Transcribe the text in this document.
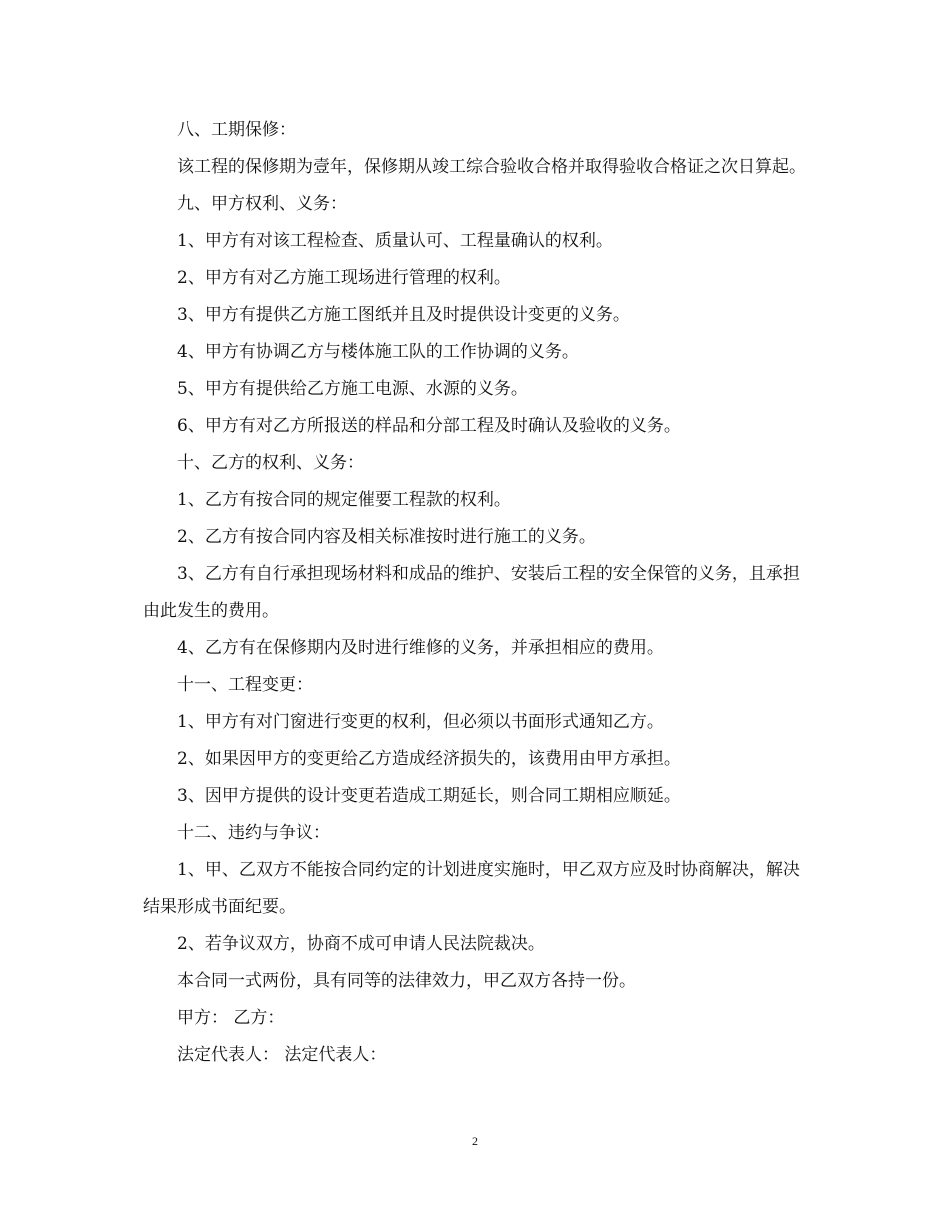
八、工期保修：

该工程的保修期为壹年，保修期从竣工综合验收合格并取得验收合格证之次日算起。

九、甲方权利、义务：

1、甲方有对该工程检查、质量认可、工程量确认的权利。

2、甲方有对乙方施工现场进行管理的权利。

3、甲方有提供乙方施工图纸并且及时提供设计变更的义务。

4、甲方有协调乙方与楼体施工队的工作协调的义务。

5、甲方有提供给乙方施工电源、水源的义务。

6、甲方有对乙方所报送的样品和分部工程及时确认及验收的义务。

十、乙方的权利、义务：

1、乙方有按合同的规定催要工程款的权利。

2、乙方有按合同内容及相关标准按时进行施工的义务。

3、乙方有自行承担现场材料和成品的维护、安装后工程的安全保管的义务，且承担由此发生的费用。

4、乙方有在保修期内及时进行维修的义务，并承担相应的费用。

十一、工程变更：

1、甲方有对门窗进行变更的权利，但必须以书面形式通知乙方。

2、如果因甲方的变更给乙方造成经济损失的，该费用由甲方承担。

3、因甲方提供的设计变更若造成工期延长，则合同工期相应顺延。

十二、违约与争议：

1、甲、乙双方不能按合同约定的计划进度实施时，甲乙双方应及时协商解决，解决结果形成书面纪要。

2、若争议双方，协商不成可申请人民法院裁决。

本合同一式两份，具有同等的法律效力，甲乙双方各持一份。

甲方： 乙方：

法定代表人： 法定代表人：

2
